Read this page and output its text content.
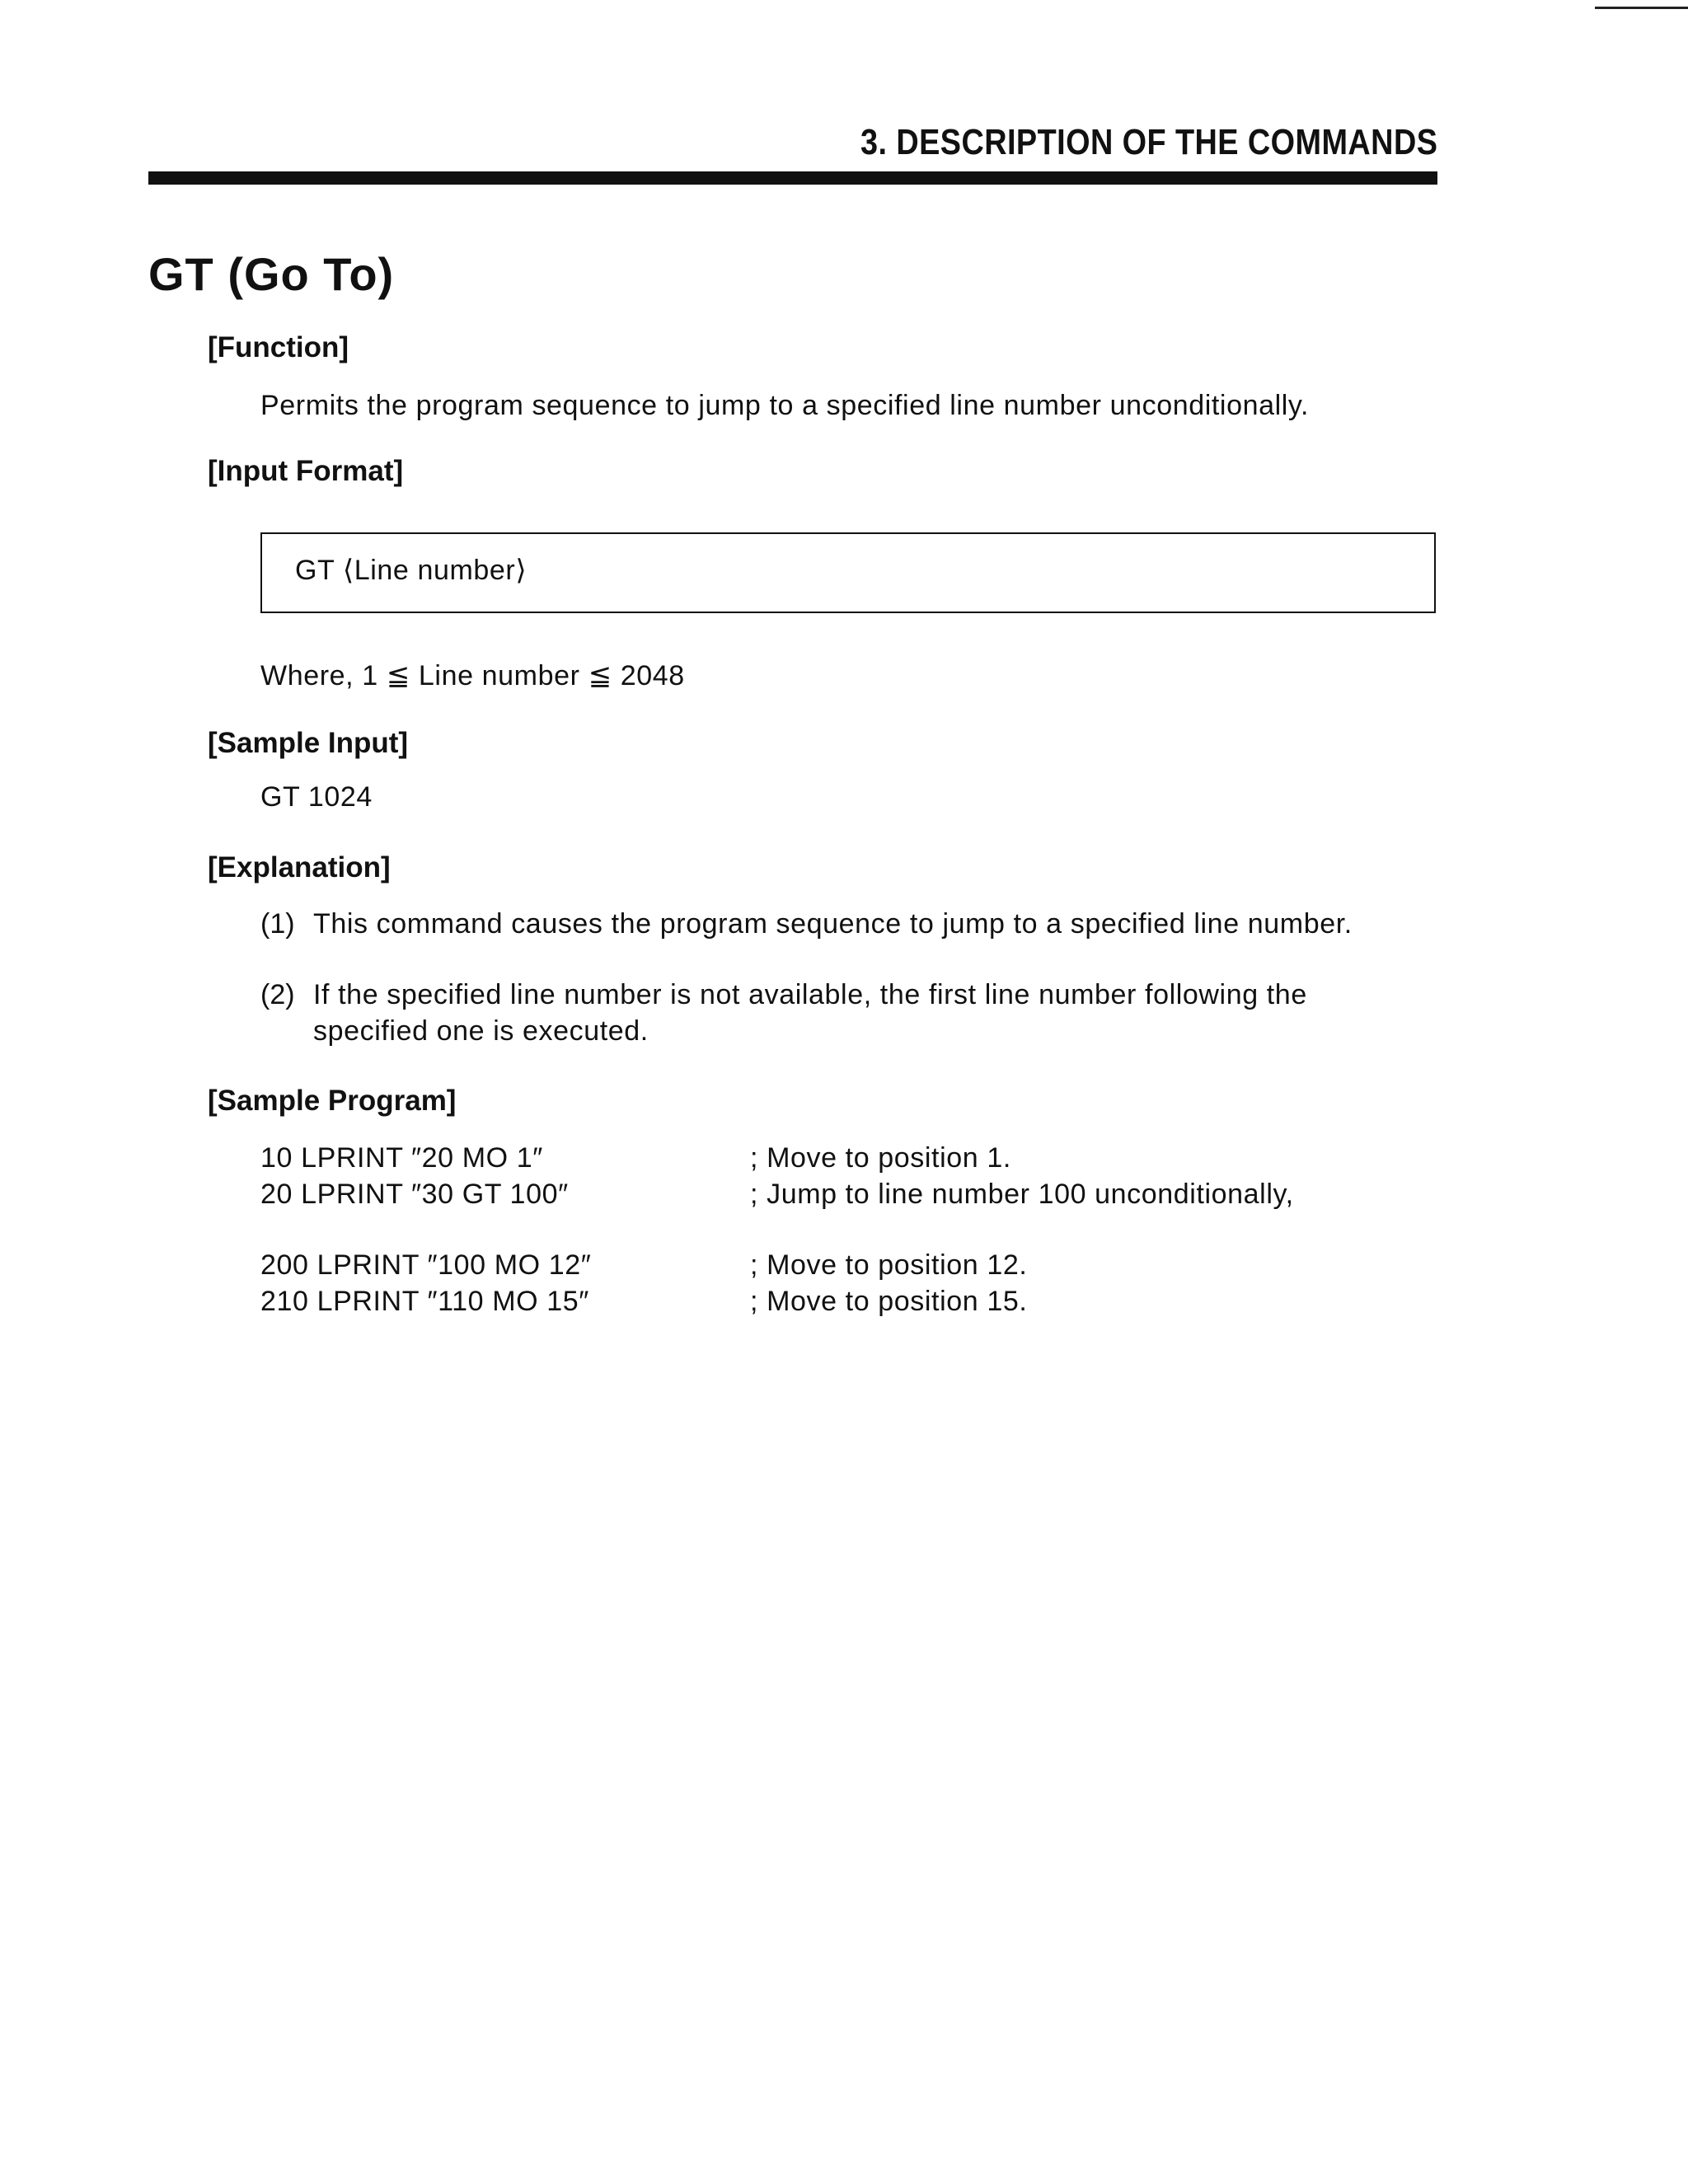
3. DESCRIPTION OF THE COMMANDS
GT (Go To)
[Function]
Permits the program sequence to jump to a specified line number unconditionally.
[Input Format]
GT ⟨Line number⟩
Where, 1 ≦ Line number ≦ 2048
[Sample Input]
GT 1024
[Explanation]
(1) This command causes the program sequence to jump to a specified line number.
(2) If the specified line number is not available, the first line number following the
specified one is executed.
[Sample Program]
10 LPRINT ″20 MO 1″	; Move to position 1.
20 LPRINT ″30 GT 100″	; Jump to line number 100 unconditionally,
200 LPRINT ″100 MO 12″	; Move to position 12.
210 LPRINT ″110 MO 15″	; Move to position 15.
